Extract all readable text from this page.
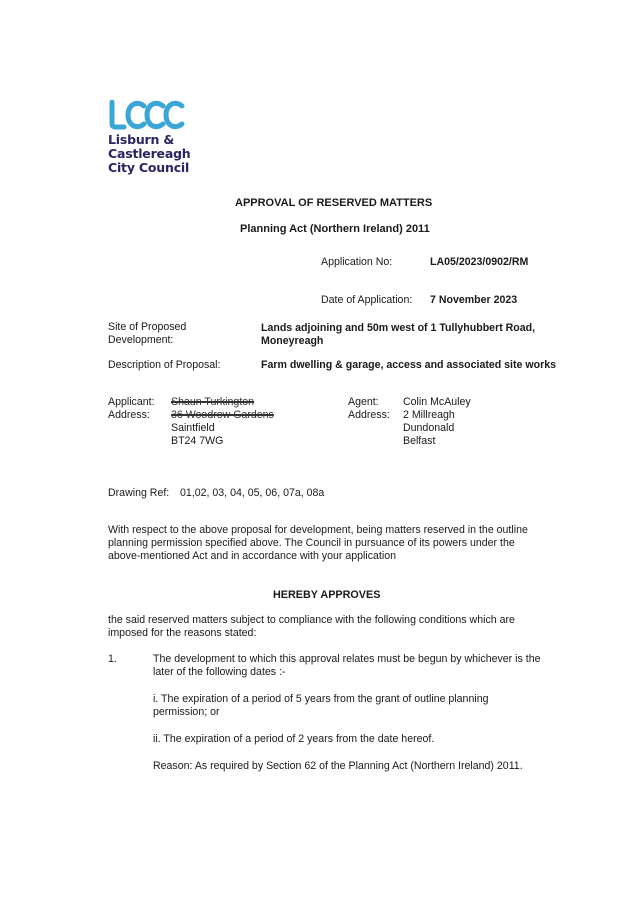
Lisburn &
Castlereagh
City Council
APPROVAL OF RESERVED MATTERS
Planning Act (Northern Ireland) 2011
Application No:	LA05/2023/0902/RM
Date of Application: 7 November 2023
Site of Proposed
Development:
Lands adjoining and 50m west of 1 Tullyhubbert Road,
Moneyreagh
Description of Proposal:	Farm dwelling & garage, access and associated site works
Applicant: Shaun Turkington
Address: 36 Woodrow Gardens
Saintfield
BT24 7WG
Agent: Colin McAuley
Address: 2 Millreagh
Dundonald
Belfast
Drawing Ref: 01,02, 03, 04, 05, 06, 07a, 08a
With respect to the above proposal for development, being matters reserved in the outline planning permission specified above. The Council in pursuance of its powers under the above-mentioned Act and in accordance with your application
HEREBY APPROVES
the said reserved matters subject to compliance with the following conditions which are imposed for the reasons stated:
1.	The development to which this approval relates must be begun by whichever is the later of the following dates :-
i. The expiration of a period of 5 years from the grant of outline planning permission; or
ii. The expiration of a period of 2 years from the date hereof.
Reason: As required by Section 62 of the Planning Act (Northern Ireland) 2011.
